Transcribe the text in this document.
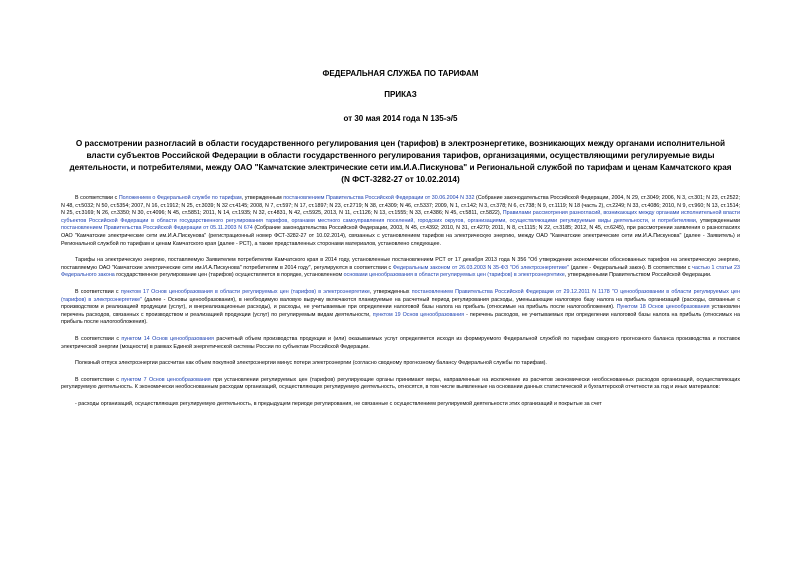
ФЕДЕРАЛЬНАЯ СЛУЖБА ПО ТАРИФАМ

ПРИКАЗ

от 30 мая 2014 года N 135-э/5

О рассмотрении разногласий в области государственного регулирования цен (тарифов) в электроэнергетике, возникающих между органами исполнительной власти субъектов Российской Федерации в области государственного регулирования тарифов, организациями, осуществляющими регулируемые виды деятельности, и потребителями, между ОАО "Камчатские электрические сети им.И.А.Пискунова" и Региональной службой по тарифам и ценам Камчатского края (N ФСТ-3282-27 от 10.02.2014)

В соответствии с Положением о Федеральной службе по тарифам, утвержденным постановлением Правительства Российской Федерации от 30.06.2004 N 332 (Собрание законодательства Российской Федерации, 2004, N 29, ст.3049; 2006, N 3, ст.301; N 23, ст.2522; N 48, ст.5032; N 50, ст.5354; 2007, N 16, ст.1912; N 25, ст.3039; N 32 ст.4145; 2008, N 7, ст.597; N 17, ст.1897; N 23, ст.2719; N 38, ст.4309; N 46, ст.5337; 2009, N 1, ст.142; N 3, ст.378; N 6, ст.738; N 9, ст.1119; N 18 (часть 2), ст.2249; N 33, ст.4086; 2010, N 9, ст.960; N 13, ст.1514; N 25, ст.3169; N 26, ст.3350; N 30, ст.4096; N 45, ст.5851; 2011, N 14, ст.1935; N 32, ст.4831, N 42, ст.5925, 2013, N 11, ст.1126; N 13, ст.1555; N 33, ст.4386; N 45, ст.5811, ст.5822), Правилами рассмотрения разногласий, возникающих между органами исполнительной власти субъектов Российской Федерации в области государственного регулирования тарифов, органами местного самоуправления поселений, городских округов, организациями, осуществляющими регулируемые виды деятельности, и потребителями, утвержденными постановлением Правительства Российской Федерации от 05.11.2003 N 674 (Собрание законодательства Российской Федерации, 2003, N 45, ст.4392; 2010, N 31, ст.4270; 2011, N 8, ст.1115; N 22, ст.3185; 2012, N 45, ст.6245), при рассмотрении заявления о разногласиях ОАО "Камчатские электрические сети им.И.А.Пискунова" (регистрационный номер ФСТ-3282-27 от 10.02.2014), связанных с установлением тарифов на электрическую энергию, между ОАО "Камчатские электрические сети им.И.А.Пискунова" (далее - Заявитель) и Региональной службой по тарифам и ценам Камчатского края (далее - РСТ), а также представленных сторонами материалов, установлено следующее.

Тарифы на электрическую энергию, поставляемую Заявителем потребителям Камчатского края в 2014 году, установленные постановлением РСТ от 17 декабря 2013 года N 356 "Об утверждении экономически обоснованных тарифов на электрическую энергию, поставляемую ОАО "Камчатские электрические сети им.И.А.Пискунова" потребителям в 2014 году", регулируются в соответствии с Федеральным законом от 26.03.2003 N 35-ФЗ "Об электроэнергетике" (далее - Федеральный закон). В соответствии с частью 1 статьи 23 Федерального закона государственное регулирование цен (тарифов) осуществляется в порядке, установленном основами ценообразования в области регулируемых цен (тарифов) в электроэнергетике, утвержденными Правительством Российской Федерации.

В соответствии с пунктом 17 Основ ценообразования в области регулируемых цен (тарифов) в электроэнергетике, утвержденных постановлением Правительства Российской Федерации от 29.12.2011 N 1178 "О ценообразовании в области регулируемых цен (тарифов) в электроэнергетике" (далее - Основы ценообразования), в необходимую валовую выручку включаются планируемые на расчетный период регулирования расходы, уменьшающие налоговую базу налога на прибыль организаций (расходы, связанные с производством и реализацией продукции (услуг), и внереализационные расходы), и расходы, не учитываемые при определении налоговой базы налога на прибыль (относимые на прибыль после налогообложения). Пунктом 18 Основ ценообразования установлен перечень расходов, связанных с производством и реализацией продукции (услуг) по регулируемым видам деятельности, пунктом 19 Основ ценообразования - перечень расходов, не учитываемых при определении налоговой базы налога на прибыль (относимых на прибыль после налогообложения).

В соответствии с пунктом 14 Основ ценообразования расчетный объем производства продукции и (или) оказываемых услуг определяется исходя из формируемого Федеральной службой по тарифам сводного прогнозного баланса производства и поставок электрической энергии (мощности) в рамках Единой энергетической системы России по субъектам Российской Федерации.

Полезный отпуск электроэнергии рассчитан как объем покупной электроэнергии минус потери электроэнергии (согласно сводному прогнозному балансу Федеральной службы по тарифам).

В соответствии с пунктом 7 Основ ценообразования при установлении регулируемых цен (тарифов) регулирующие органы принимают меры, направленные на исключение из расчетов экономически необоснованных расходов организаций, осуществляющих регулируемую деятельность. К экономически необоснованным расходам организаций, осуществляющих регулируемую деятельность, относятся, в том числе выявленные на основании данных статистической и бухгалтерской отчетности за год и иных материалов:

- расходы организаций, осуществляющих регулируемую деятельность, в предыдущем периоде регулирования, не связанные с осуществлением регулируемой деятельности этих организаций и покрытые за счет
